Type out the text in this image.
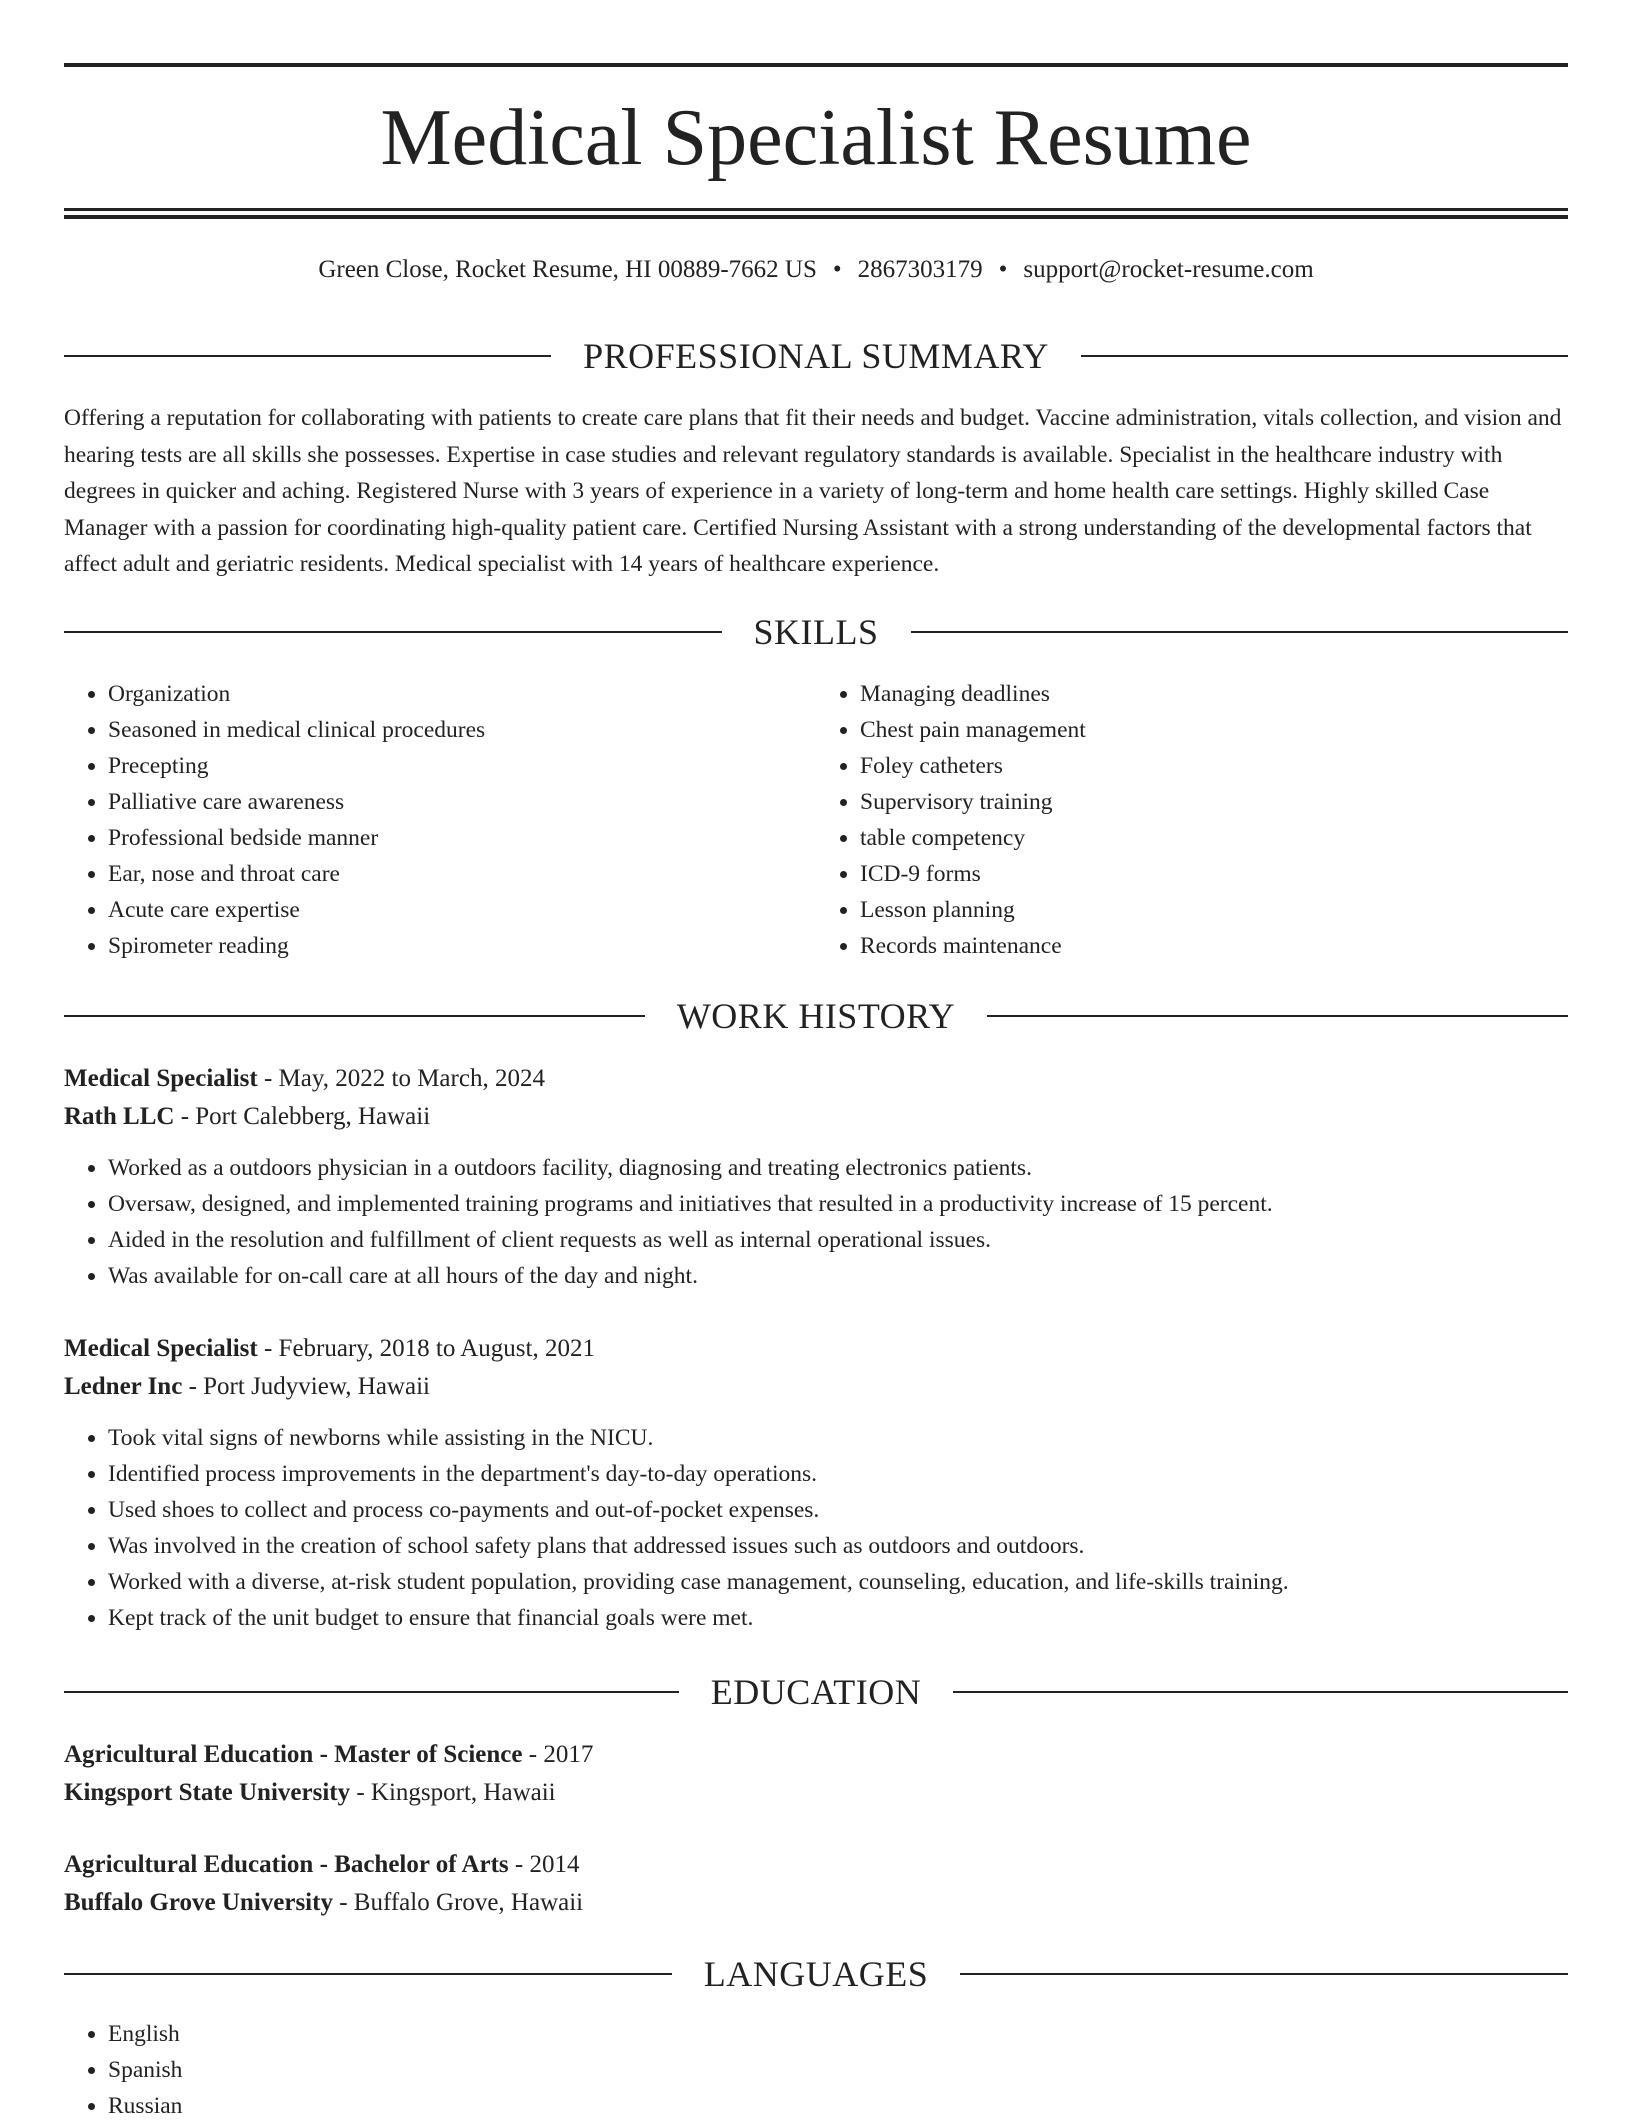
Medical Specialist Resume
Green Close, Rocket Resume, HI 00889-7662 US • 2867303179 • support@rocket-resume.com
PROFESSIONAL SUMMARY
Offering a reputation for collaborating with patients to create care plans that fit their needs and budget. Vaccine administration, vitals collection, and vision and hearing tests are all skills she possesses. Expertise in case studies and relevant regulatory standards is available. Specialist in the healthcare industry with degrees in quicker and aching. Registered Nurse with 3 years of experience in a variety of long-term and home health care settings. Highly skilled Case Manager with a passion for coordinating high-quality patient care. Certified Nursing Assistant with a strong understanding of the developmental factors that affect adult and geriatric residents. Medical specialist with 14 years of healthcare experience.
SKILLS
• Organization
• Seasoned in medical clinical procedures
• Precepting
• Palliative care awareness
• Professional bedside manner
• Ear, nose and throat care
• Acute care expertise
• Spirometer reading
• Managing deadlines
• Chest pain management
• Foley catheters
• Supervisory training
• table competency
• ICD-9 forms
• Lesson planning
• Records maintenance
WORK HISTORY
Medical Specialist - May, 2022 to March, 2024
Rath LLC - Port Calebberg, Hawaii
• Worked as a outdoors physician in a outdoors facility, diagnosing and treating electronics patients.
• Oversaw, designed, and implemented training programs and initiatives that resulted in a productivity increase of 15 percent.
• Aided in the resolution and fulfillment of client requests as well as internal operational issues.
• Was available for on-call care at all hours of the day and night.
Medical Specialist - February, 2018 to August, 2021
Ledner Inc - Port Judyview, Hawaii
• Took vital signs of newborns while assisting in the NICU.
• Identified process improvements in the department's day-to-day operations.
• Used shoes to collect and process co-payments and out-of-pocket expenses.
• Was involved in the creation of school safety plans that addressed issues such as outdoors and outdoors.
• Worked with a diverse, at-risk student population, providing case management, counseling, education, and life-skills training.
• Kept track of the unit budget to ensure that financial goals were met.
EDUCATION
Agricultural Education - Master of Science - 2017
Kingsport State University - Kingsport, Hawaii
Agricultural Education - Bachelor of Arts - 2014
Buffalo Grove University - Buffalo Grove, Hawaii
LANGUAGES
• English
• Spanish
• Russian
